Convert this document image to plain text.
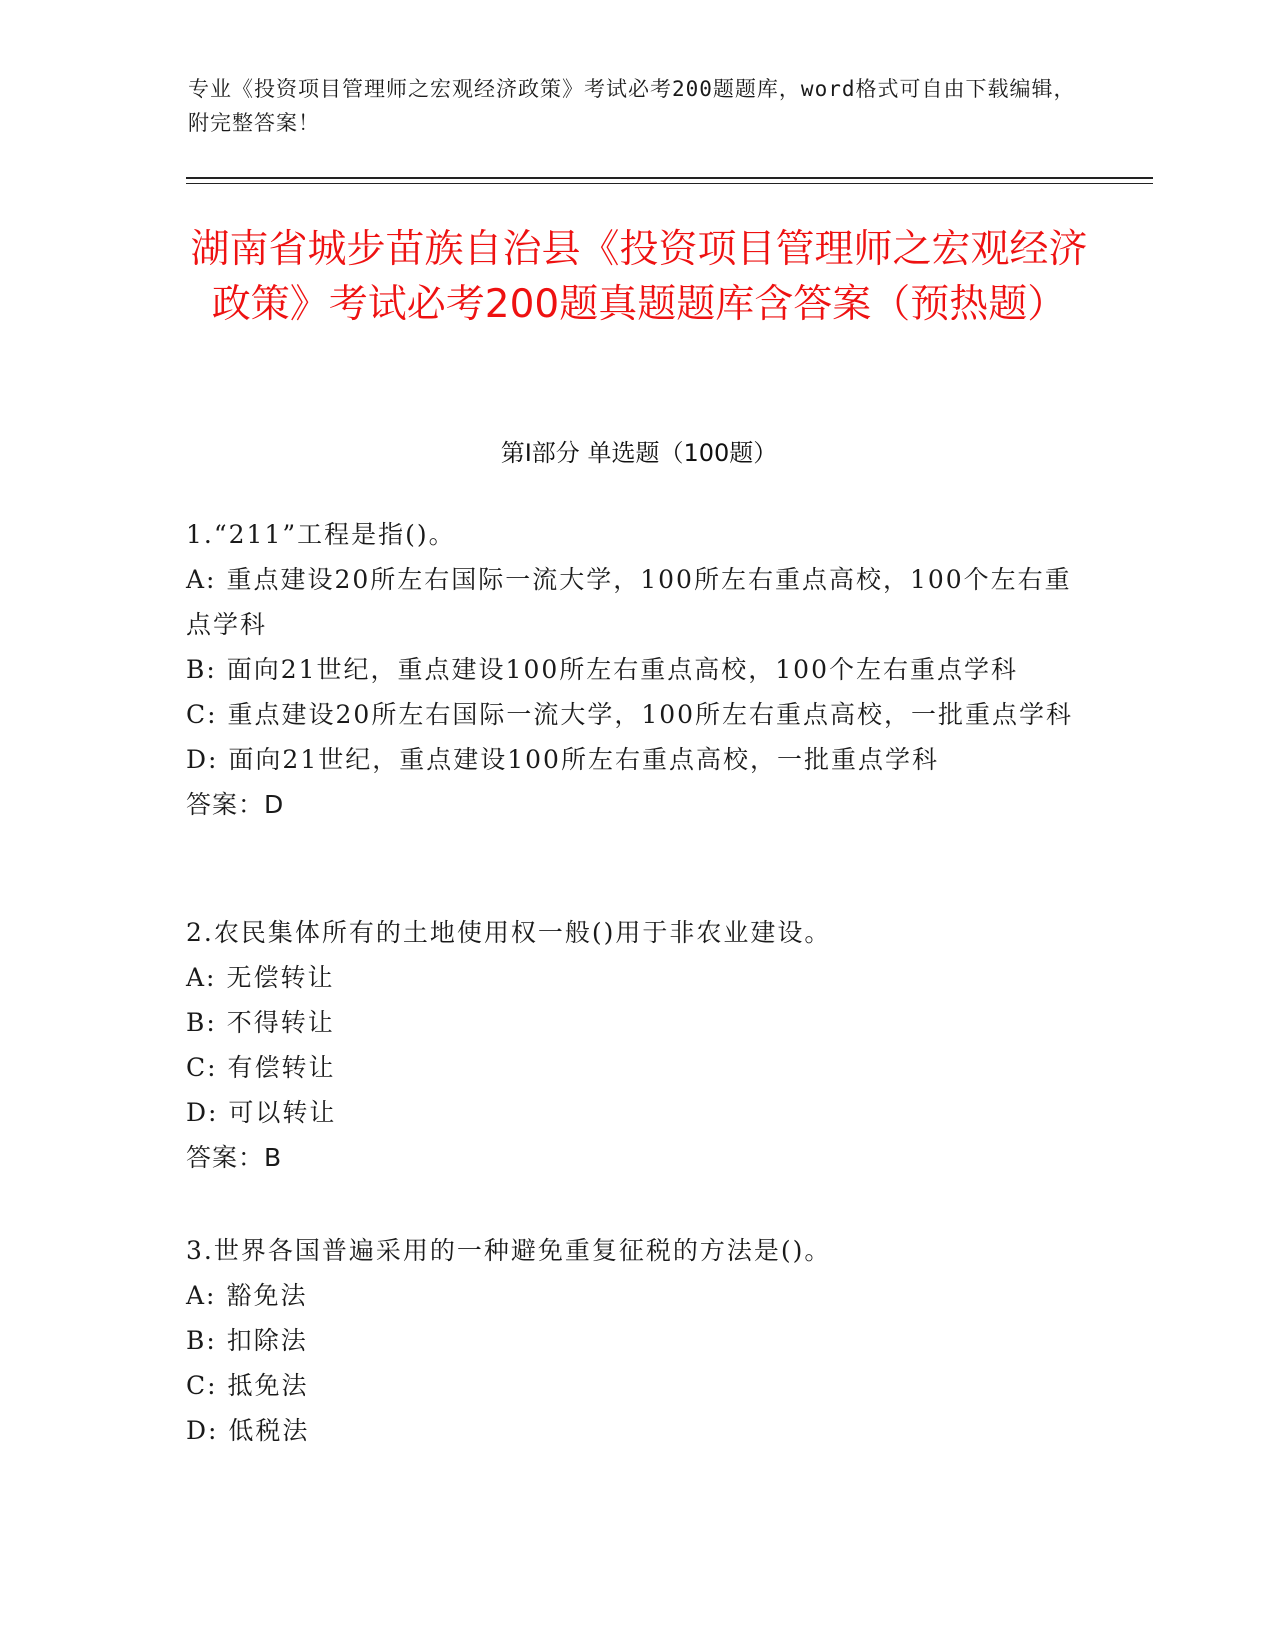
专业《投资项目管理师之宏观经济政策》考试必考200题题库，word格式可自由下载编辑，附完整答案！
湖南省城步苗族自治县《投资项目管理师之宏观经济政策》考试必考200题真题题库含答案（预热题）
第Ⅰ部分 单选题（100题）

1.“211”工程是指()。

A: 重点建设20所左右国际一流大学，100所左右重点高校，100个左右重点学科

B: 面向21世纪，重点建设100所左右重点高校，100个左右重点学科

C: 重点建设20所左右国际一流大学，100所左右重点高校，一批重点学科

D: 面向21世纪，重点建设100所左右重点高校，一批重点学科

答案：D

2.农民集体所有的土地使用权一般()用于非农业建设。

A: 无偿转让

B: 不得转让

C: 有偿转让

D: 可以转让

答案：B

3.世界各国普遍采用的一种避免重复征税的方法是()。

A: 豁免法

B: 扣除法

C: 抵免法

D: 低税法
